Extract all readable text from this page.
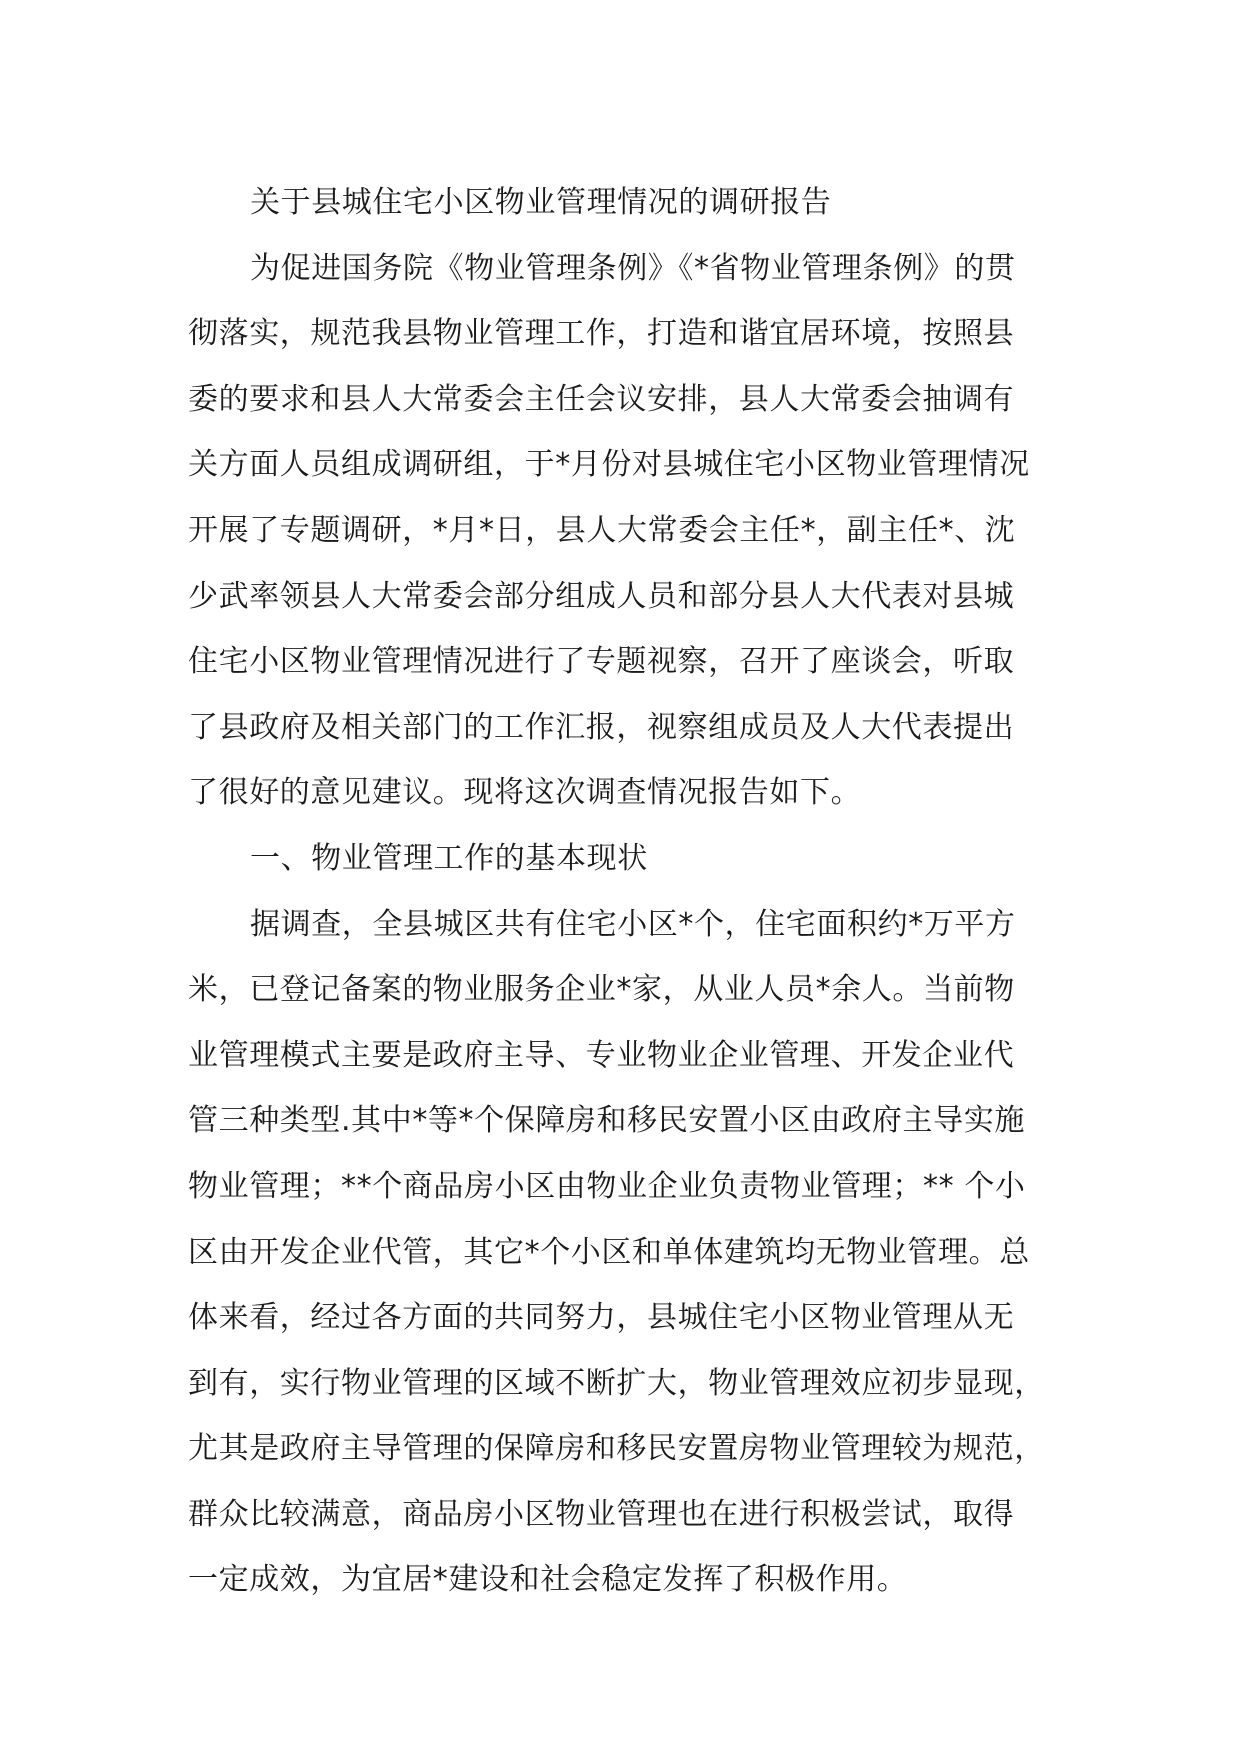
关于县城住宅小区物业管理情况的调研报告
为促进国务院《物业管理条例》《*省物业管理条例》的贯
彻落实，规范我县物业管理工作，打造和谐宜居环境，按照县
委的要求和县人大常委会主任会议安排，县人大常委会抽调有
关方面人员组成调研组，于*月份对县城住宅小区物业管理情况
开展了专题调研，*月*日，县人大常委会主任*，副主任*、沈
少武率领县人大常委会部分组成人员和部分县人大代表对县城
住宅小区物业管理情况进行了专题视察，召开了座谈会，听取
了县政府及相关部门的工作汇报，视察组成员及人大代表提出
了很好的意见建议。现将这次调查情况报告如下。
一、物业管理工作的基本现状
据调查，全县城区共有住宅小区*个，住宅面积约*万平方
米，已登记备案的物业服务企业*家，从业人员*余人。当前物
业管理模式主要是政府主导、专业物业企业管理、开发企业代
管三种类型.其中*等*个保障房和移民安置小区由政府主导实施
物业管理；**个商品房小区由物业企业负责物业管理；** 个小
区由开发企业代管，其它*个小区和单体建筑均无物业管理。总
体来看，经过各方面的共同努力，县城住宅小区物业管理从无
到有，实行物业管理的区域不断扩大，物业管理效应初步显现，
尤其是政府主导管理的保障房和移民安置房物业管理较为规范，
群众比较满意，商品房小区物业管理也在进行积极尝试，取得
一定成效，为宜居*建设和社会稳定发挥了积极作用。
